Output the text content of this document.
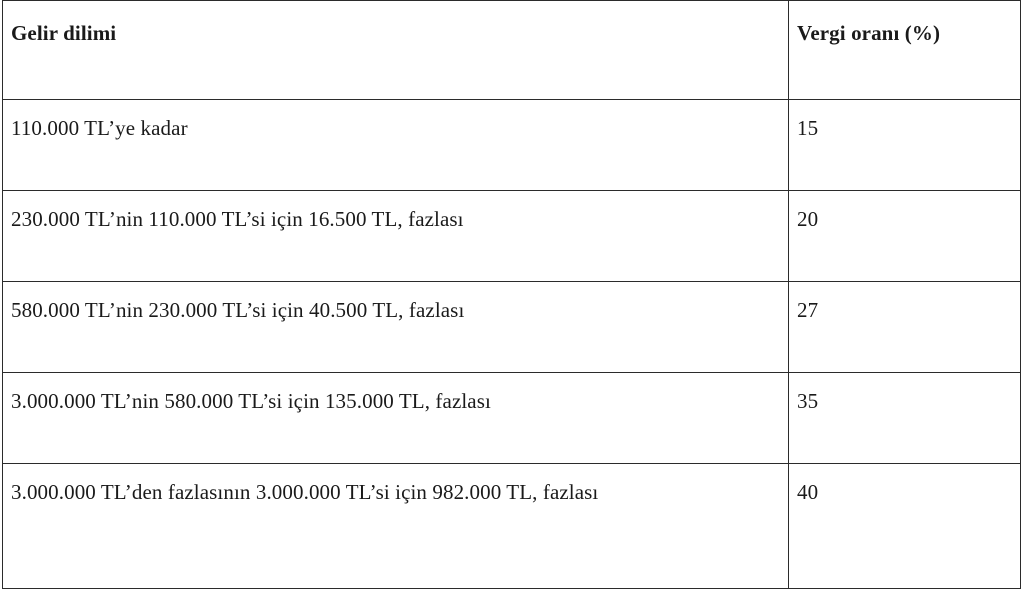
Gelir dilimi	Vergi oranı (%)
110.000 TL’ye kadar	15
230.000 TL’nin 110.000 TL’si için 16.500 TL, fazlası	20
580.000 TL’nin 230.000 TL’si için 40.500 TL, fazlası	27
3.000.000 TL’nin 580.000 TL’si için 135.000 TL, fazlası	35
3.000.000 TL’den fazlasının 3.000.000 TL’si için 982.000 TL, fazlası	40
